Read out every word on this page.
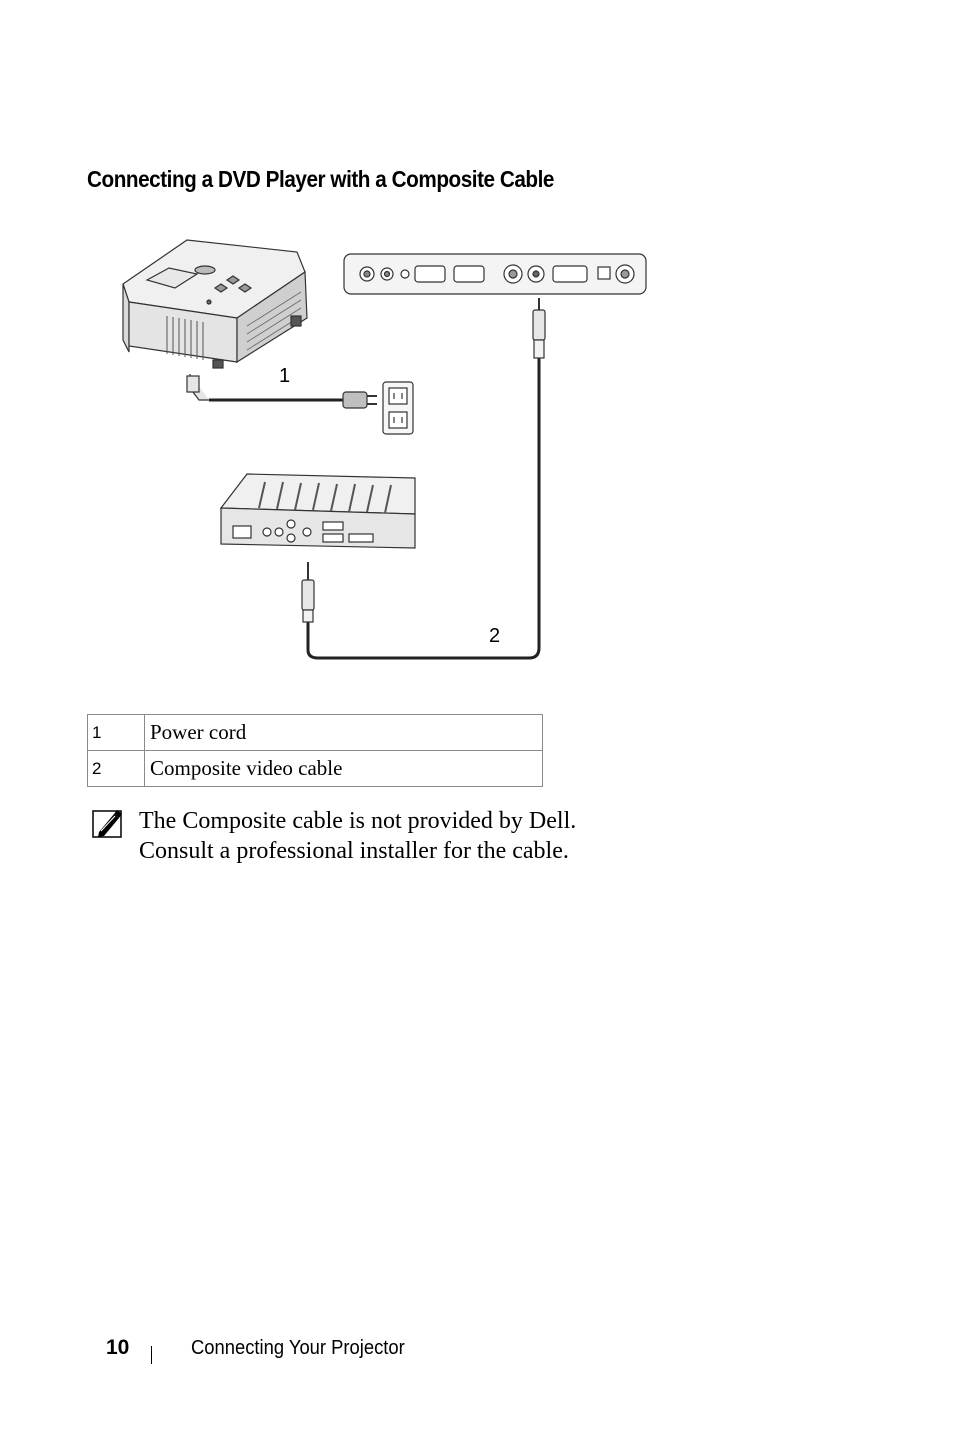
Connecting a DVD Player with a Composite Cable
1
2
1	Power cord
2	Composite video cable

The Composite cable is not provided by Dell. Consult a professional installer for the cable.

10	Connecting Your Projector
